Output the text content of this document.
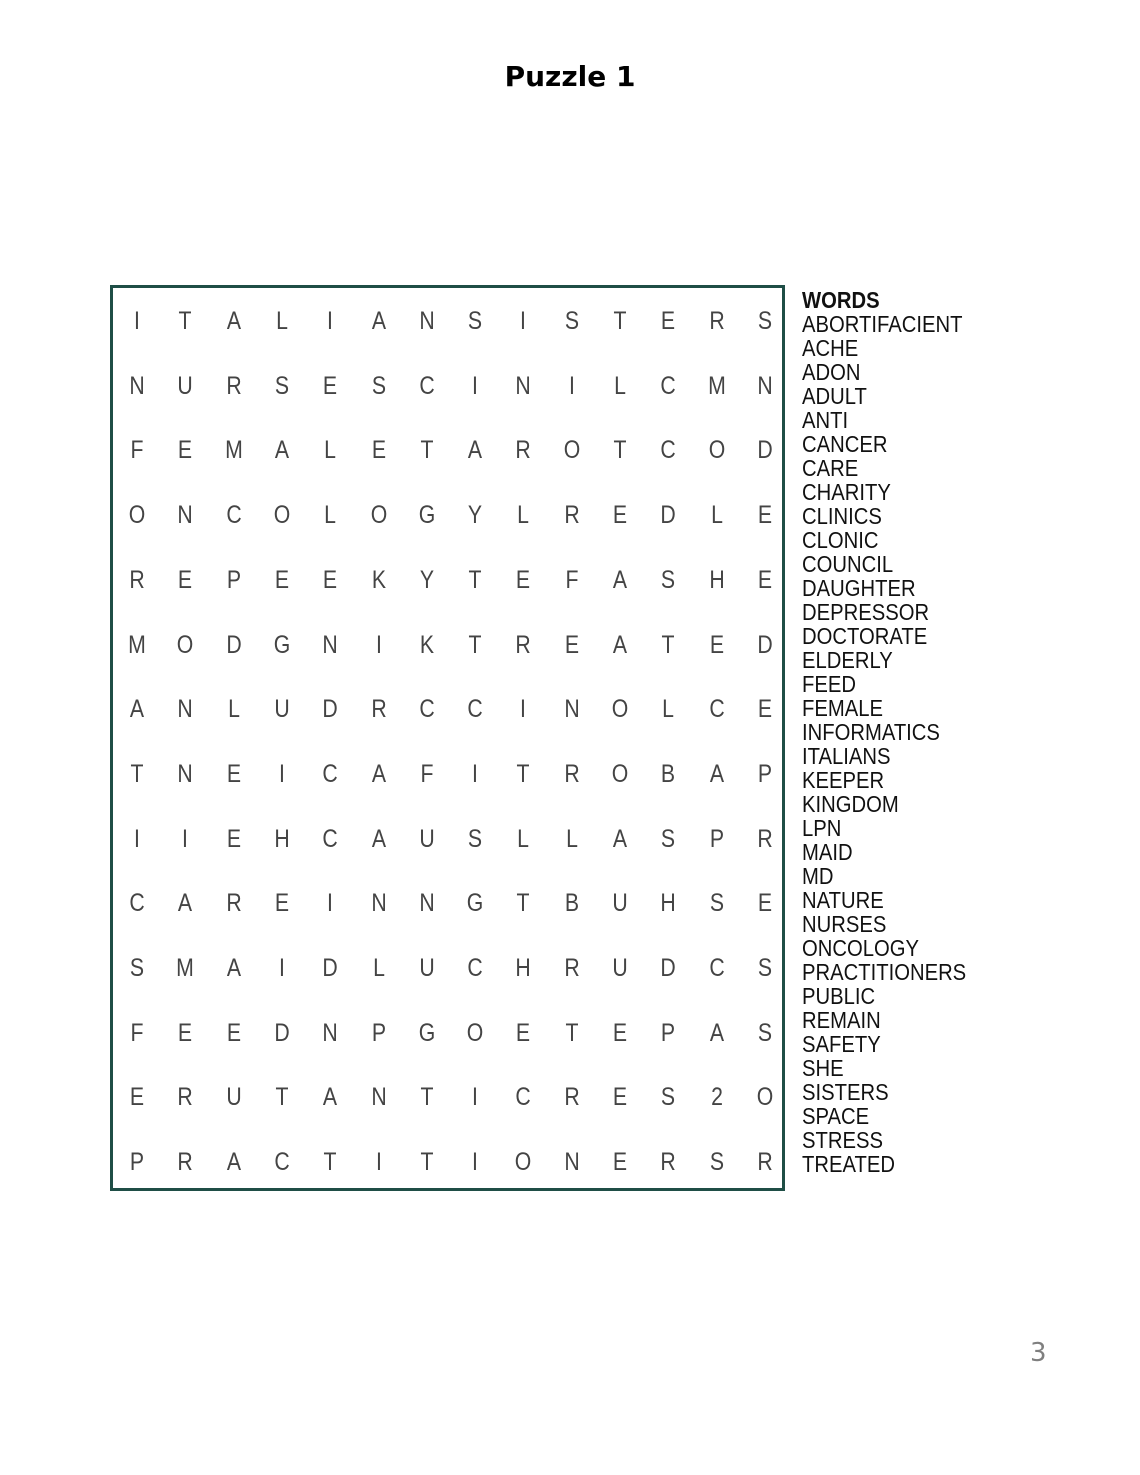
Puzzle 1
I	T	A	L	I	A	N	S	I	S	T	E	R	S
N	U	R	S	E	S	C	I	N	I	L	C	M	N
F	E	M	A	L	E	T	A	R	O	T	C	O	D
O	N	C	O	L	O	G	Y	L	R	E	D	L	E
R	E	P	E	E	K	Y	T	E	F	A	S	H	E
M	O	D	G	N	I	K	T	R	E	A	T	E	D
A	N	L	U	D	R	C	C	I	N	O	L	C	E
T	N	E	I	C	A	F	I	T	R	O	B	A	P
I	I	E	H	C	A	U	S	L	L	A	S	P	R
C	A	R	E	I	N	N	G	T	B	U	H	S	E
S	M	A	I	D	L	U	C	H	R	U	D	C	S
F	E	E	D	N	P	G	O	E	T	E	P	A	S
E	R	U	T	A	N	T	I	C	R	E	S	2	O
P	R	A	C	T	I	T	I	O	N	E	R	S	R
WORDS
ABORTIFACIENT
ACHE
ADON
ADULT
ANTI
CANCER
CARE
CHARITY
CLINICS
CLONIC
COUNCIL
DAUGHTER
DEPRESSOR
DOCTORATE
ELDERLY
FEED
FEMALE
INFORMATICS
ITALIANS
KEEPER
KINGDOM
LPN
MAID
MD
NATURE
NURSES
ONCOLOGY
PRACTITIONERS
PUBLIC
REMAIN
SAFETY
SHE
SISTERS
SPACE
STRESS
TREATED
3
